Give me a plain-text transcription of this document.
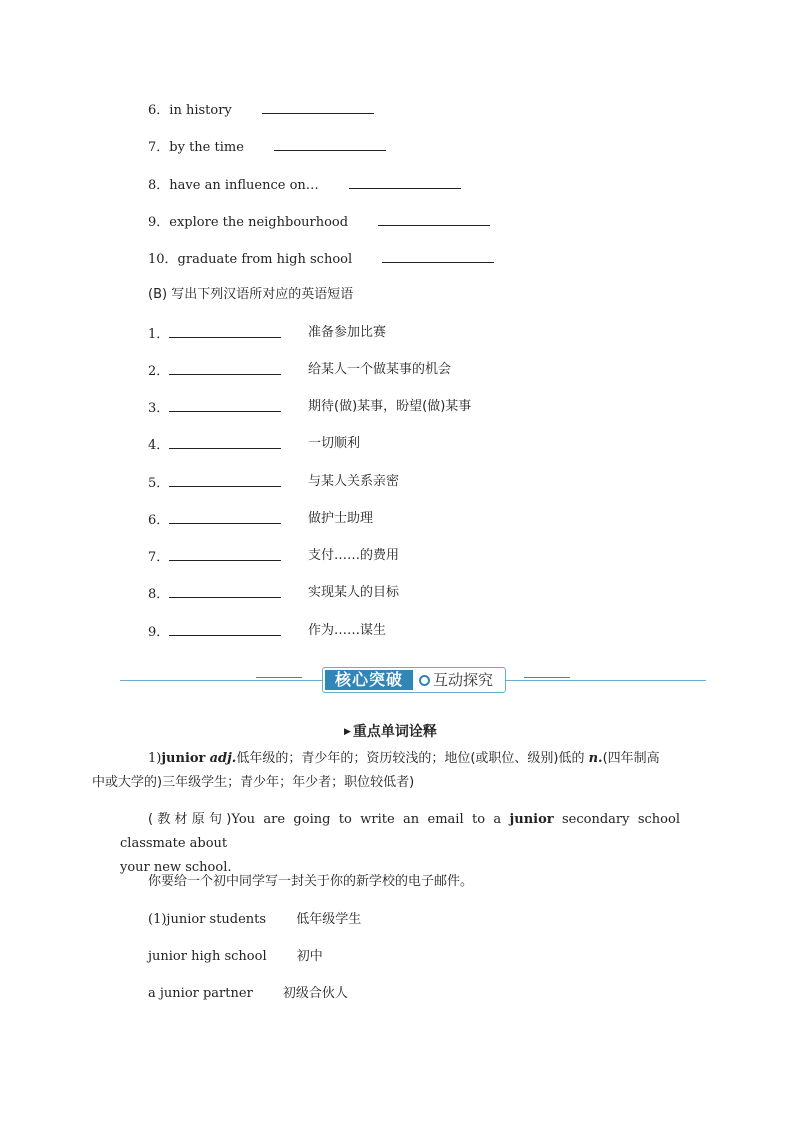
6．in history
7．by the time
8．have an influence on…
9．explore the neighbourhood
10．graduate from high school
(B) 写出下列汉语所对应的英语短语
1．	准备参加比赛
2．	给某人一个做某事的机会
3．	期待(做)某事，盼望(做)某事
4．	一切顺利
5．	与某人关系亲密
6．	做护士助理
7．	支付……的费用
8．	实现某人的目标
9．	作为……谋生
核心突破	互动探究
▶ 重点单词诠释
1)junior adj.低年级的；青少年的；资历较浅的；地位(或职位、级别)低的 n.(四年制高
中或大学的)三年级学生；青少年；年少者；职位较低者)
(教材原句)You are going to write an email to a junior secondary school classmate about
your new school.
你要给一个初中同学写一封关于你的新学校的电子邮件。
(1)junior students 低年级学生
junior high school 初中
a junior partner 初级合伙人
